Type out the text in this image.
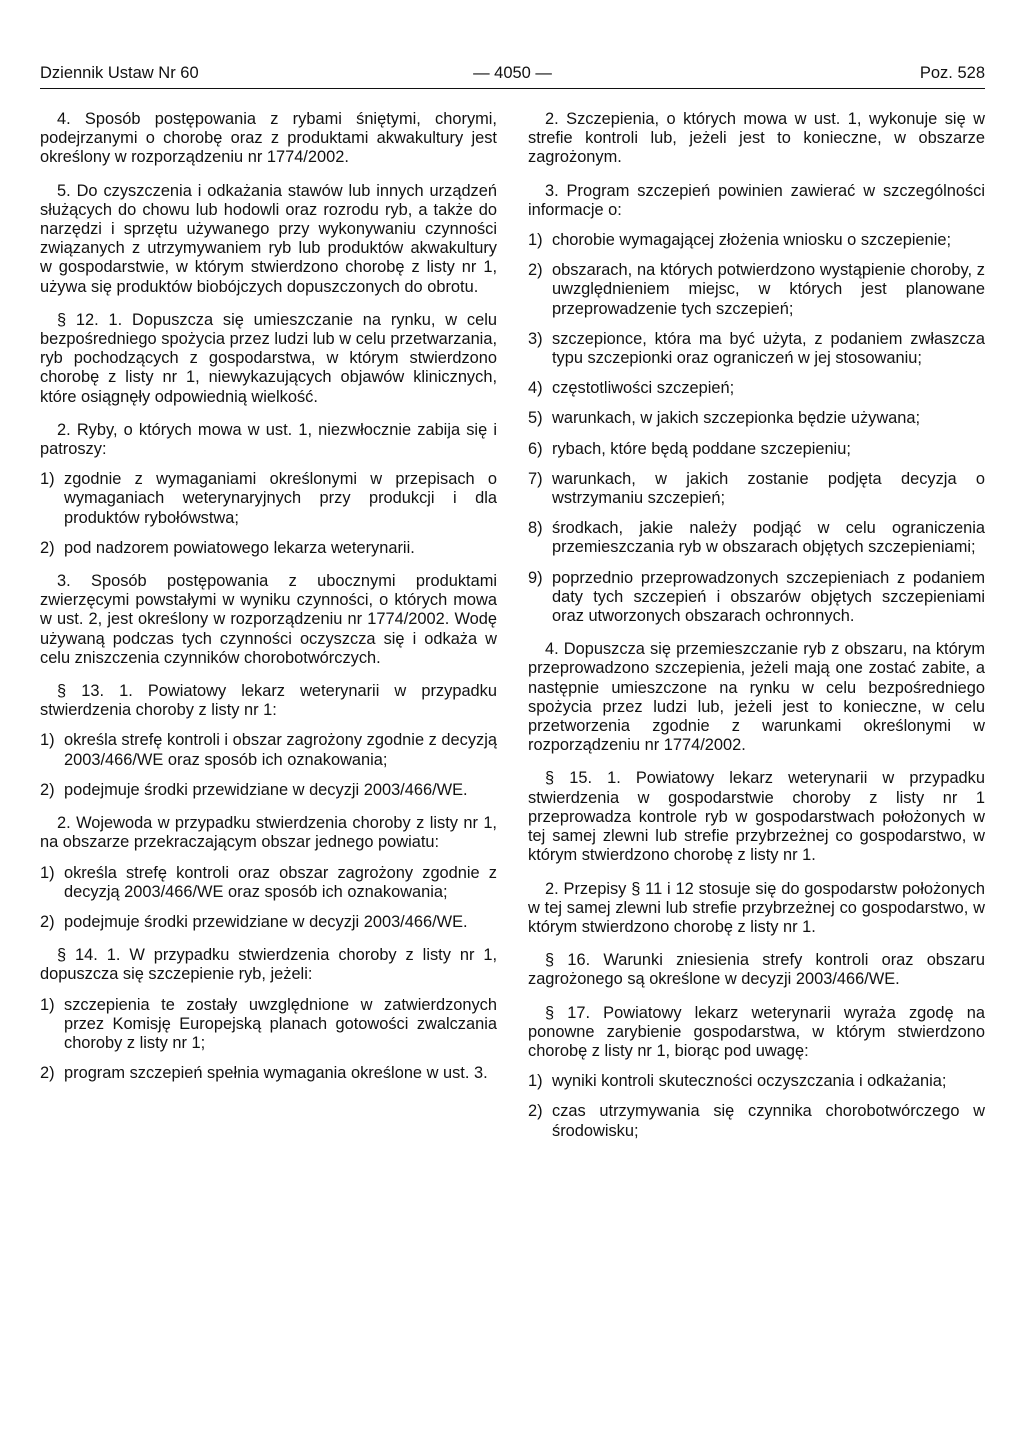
Dziennik Ustaw Nr 60	— 4050 —	Poz. 528

4. Sposób postępowania z rybami śniętymi, chorymi, podejrzanymi o chorobę oraz z produktami akwakultury jest określony w rozporządzeniu nr 1774/2002.

5. Do czyszczenia i odkażania stawów lub innych urządzeń służących do chowu lub hodowli oraz rozrodu ryb, a także do narzędzi i sprzętu używanego przy wykonywaniu czynności związanych z utrzymywaniem ryb lub produktów akwakultury w gospodarstwie, w którym stwierdzono chorobę z listy nr 1, używa się produktów biobójczych dopuszczonych do obrotu.

§ 12. 1. Dopuszcza się umieszczanie na rynku, w celu bezpośredniego spożycia przez ludzi lub w celu przetwarzania, ryb pochodzących z gospodarstwa, w którym stwierdzono chorobę z listy nr 1, niewykazujących objawów klinicznych, które osiągnęły odpowiednią wielkość.

2. Ryby, o których mowa w ust. 1, niezwłocznie zabija się i patroszy:

1) zgodnie z wymaganiami określonymi w przepisach o wymaganiach weterynaryjnych przy produkcji i dla produktów rybołówstwa;
2) pod nadzorem powiatowego lekarza weterynarii.

3. Sposób postępowania z ubocznymi produktami zwierzęcymi powstałymi w wyniku czynności, o których mowa w ust. 2, jest określony w rozporządzeniu nr 1774/2002. Wodę używaną podczas tych czynności oczyszcza się i odkaża w celu zniszczenia czynników chorobotwórczych.

§ 13. 1. Powiatowy lekarz weterynarii w przypadku stwierdzenia choroby z listy nr 1:

1) określa strefę kontroli i obszar zagrożony zgodnie z decyzją 2003/466/WE oraz sposób ich oznakowania;
2) podejmuje środki przewidziane w decyzji 2003/466/WE.

2. Wojewoda w przypadku stwierdzenia choroby z listy nr 1, na obszarze przekraczającym obszar jednego powiatu:

1) określa strefę kontroli oraz obszar zagrożony zgodnie z decyzją 2003/466/WE oraz sposób ich oznakowania;
2) podejmuje środki przewidziane w decyzji 2003/466/WE.

§ 14. 1. W przypadku stwierdzenia choroby z listy nr 1, dopuszcza się szczepienie ryb, jeżeli:

1) szczepienia te zostały uwzględnione w zatwierdzonych przez Komisję Europejską planach gotowości zwalczania choroby z listy nr 1;
2) program szczepień spełnia wymagania określone w ust. 3.

2. Szczepienia, o których mowa w ust. 1, wykonuje się w strefie kontroli lub, jeżeli jest to konieczne, w obszarze zagrożonym.

3. Program szczepień powinien zawierać w szczególności informacje o:

1) chorobie wymagającej złożenia wniosku o szczepienie;
2) obszarach, na których potwierdzono wystąpienie choroby, z uwzględnieniem miejsc, w których jest planowane przeprowadzenie tych szczepień;
3) szczepionce, która ma być użyta, z podaniem zwłaszcza typu szczepionki oraz ograniczeń w jej stosowaniu;
4) częstotliwości szczepień;
5) warunkach, w jakich szczepionka będzie używana;
6) rybach, które będą poddane szczepieniu;
7) warunkach, w jakich zostanie podjęta decyzja o wstrzymaniu szczepień;
8) środkach, jakie należy podjąć w celu ograniczenia przemieszczania ryb w obszarach objętych szczepieniami;
9) poprzednio przeprowadzonych szczepieniach z podaniem daty tych szczepień i obszarów objętych szczepieniami oraz utworzonych obszarach ochronnych.

4. Dopuszcza się przemieszczanie ryb z obszaru, na którym przeprowadzono szczepienia, jeżeli mają one zostać zabite, a następnie umieszczone na rynku w celu bezpośredniego spożycia przez ludzi lub, jeżeli jest to konieczne, w celu przetworzenia zgodnie z warunkami określonymi w rozporządzeniu nr 1774/2002.

§ 15. 1. Powiatowy lekarz weterynarii w przypadku stwierdzenia w gospodarstwie choroby z listy nr 1 przeprowadza kontrole ryb w gospodarstwach położonych w tej samej zlewni lub strefie przybrzeżnej co gospodarstwo, w którym stwierdzono chorobę z listy nr 1.

2. Przepisy § 11 i 12 stosuje się do gospodarstw położonych w tej samej zlewni lub strefie przybrzeżnej co gospodarstwo, w którym stwierdzono chorobę z listy nr 1.

§ 16. Warunki zniesienia strefy kontroli oraz obszaru zagrożonego są określone w decyzji 2003/466/WE.

§ 17. Powiatowy lekarz weterynarii wyraża zgodę na ponowne zarybienie gospodarstwa, w którym stwierdzono chorobę z listy nr 1, biorąc pod uwagę:

1) wyniki kontroli skuteczności oczyszczania i odkażania;
2) czas utrzymywania się czynnika chorobotwórczego w środowisku;
